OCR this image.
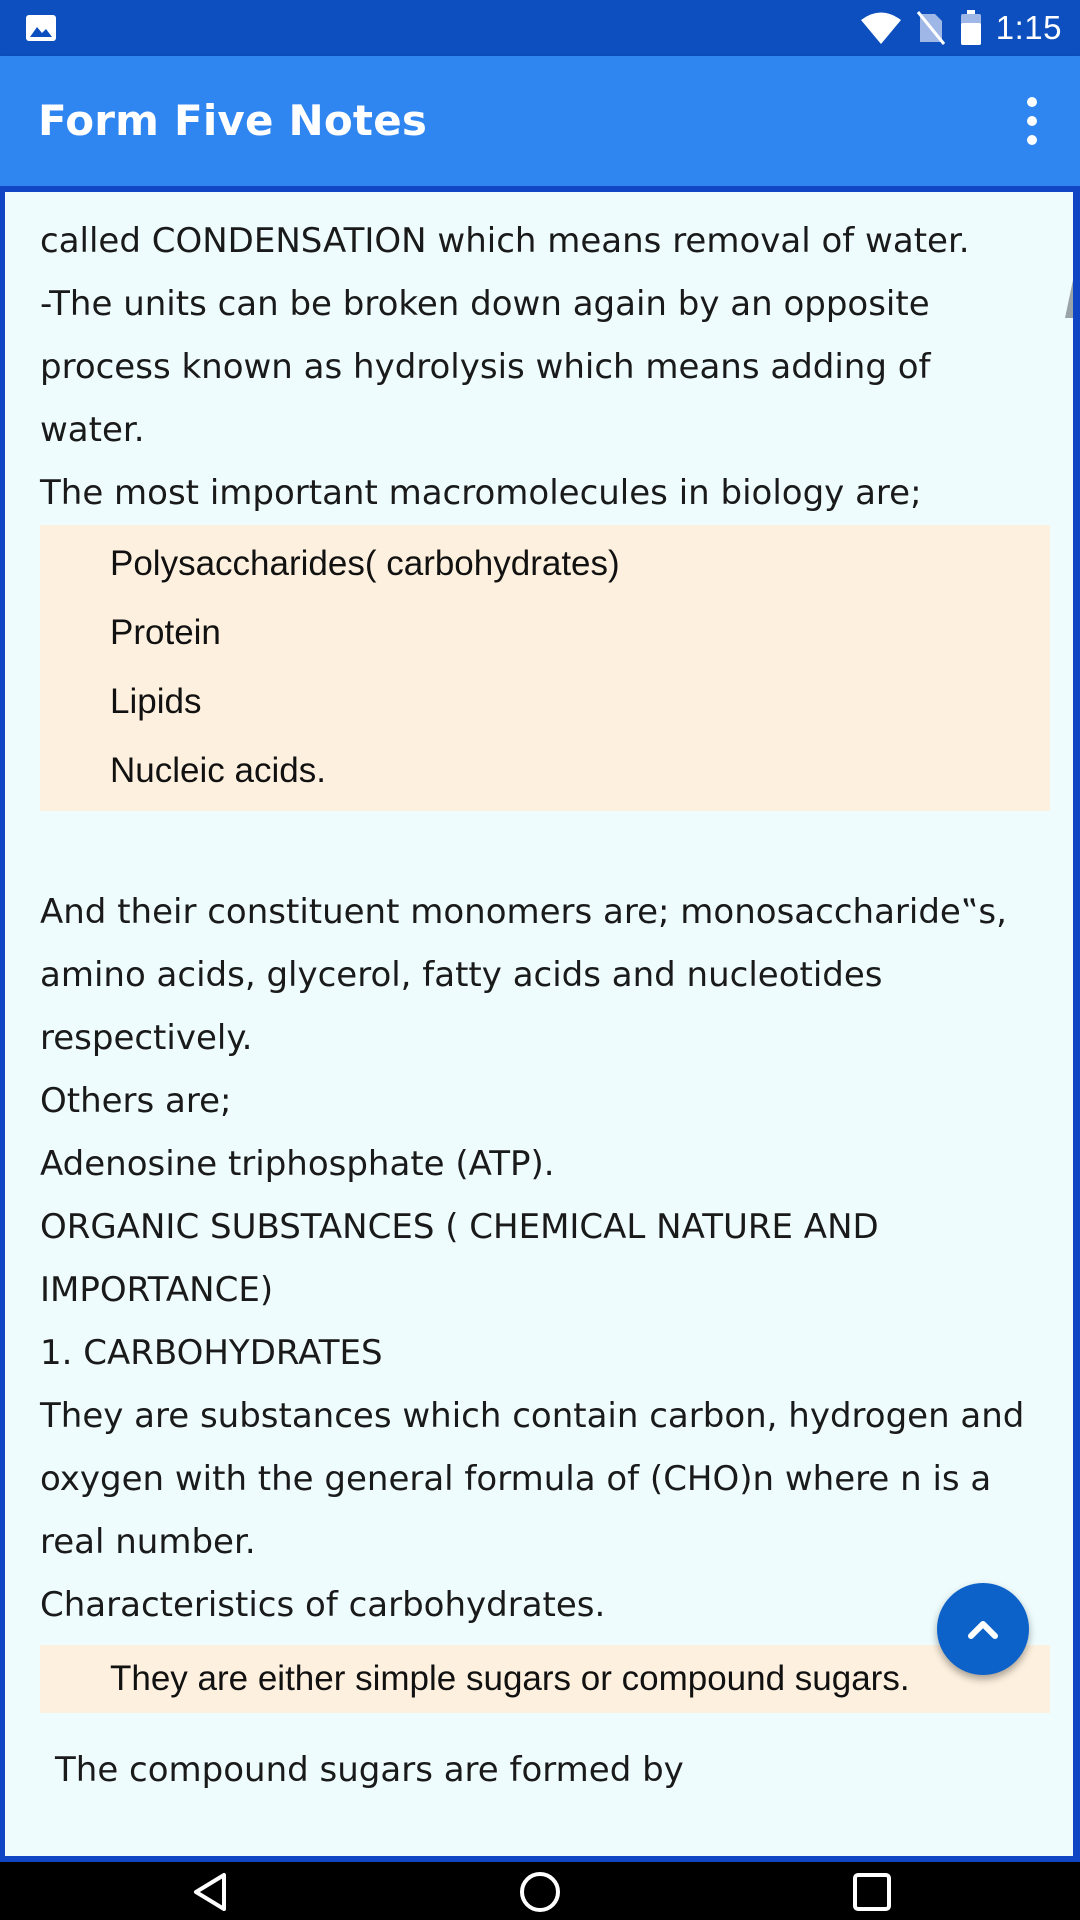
1:15
Form Five Notes

called CONDENSATION which means removal of water.

-The units can be broken down again by an opposite process known as hydrolysis which means adding of water.

The most important macromolecules in biology are;

Polysaccharides( carbohydrates)
Protein
Lipids
Nucleic acids.

And their constituent monomers are; monosaccharide‟s, amino acids, glycerol, fatty acids and nucleotides respectively.

Others are;

Adenosine triphosphate (ATP).

ORGANIC SUBSTANCES ( CHEMICAL NATURE AND IMPORTANCE)

1. CARBOHYDRATES

They are substances which contain carbon, hydrogen and oxygen with the general formula of (CHO)n where n is a real number.

Characteristics of carbohydrates.

They are either simple sugars or compound sugars.

The compound sugars are formed by
